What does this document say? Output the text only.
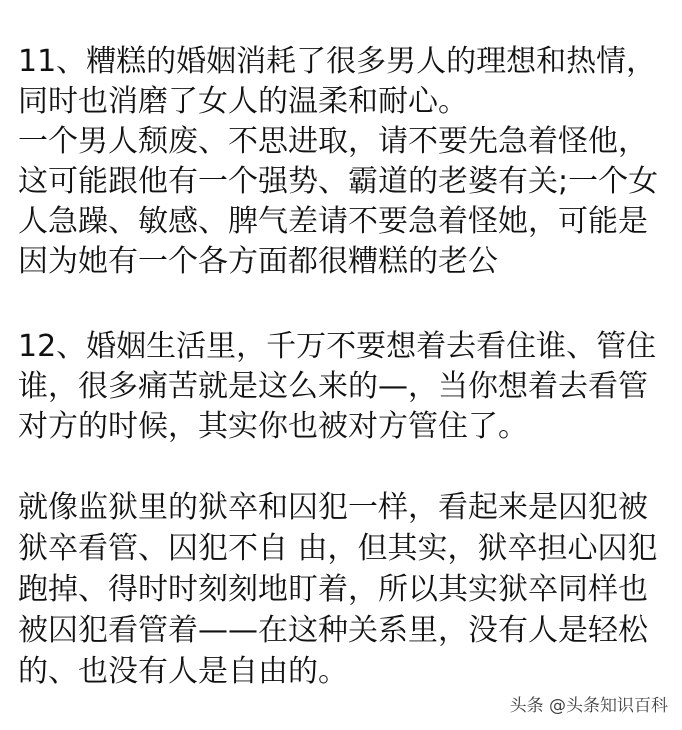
11、糟糕的婚姻消耗了很多男人的理想和热情，
同时也消磨了女人的温柔和耐心。
一个男人颓废、不思进取，请不要先急着怪他，
这可能跟他有一个强势、霸道的老婆有关;一个女
人急躁、敏感、脾气差请不要急着怪她，可能是
因为她有一个各方面都很糟糕的老公
12、婚姻生活里，千万不要想着去看住谁、管住
谁，很多痛苦就是这么来的—，当你想着去看管
对方的时候，其实你也被对方管住了。
就像监狱里的狱卒和囚犯一样，看起来是囚犯被
狱卒看管、囚犯不自 由，但其实，狱卒担心囚犯
跑掉、得时时刻刻地盯着，所以其实狱卒同样也
被囚犯看管着——在这种关系里，没有人是轻松
的、也没有人是自由的。
头条 @头条知识百科
